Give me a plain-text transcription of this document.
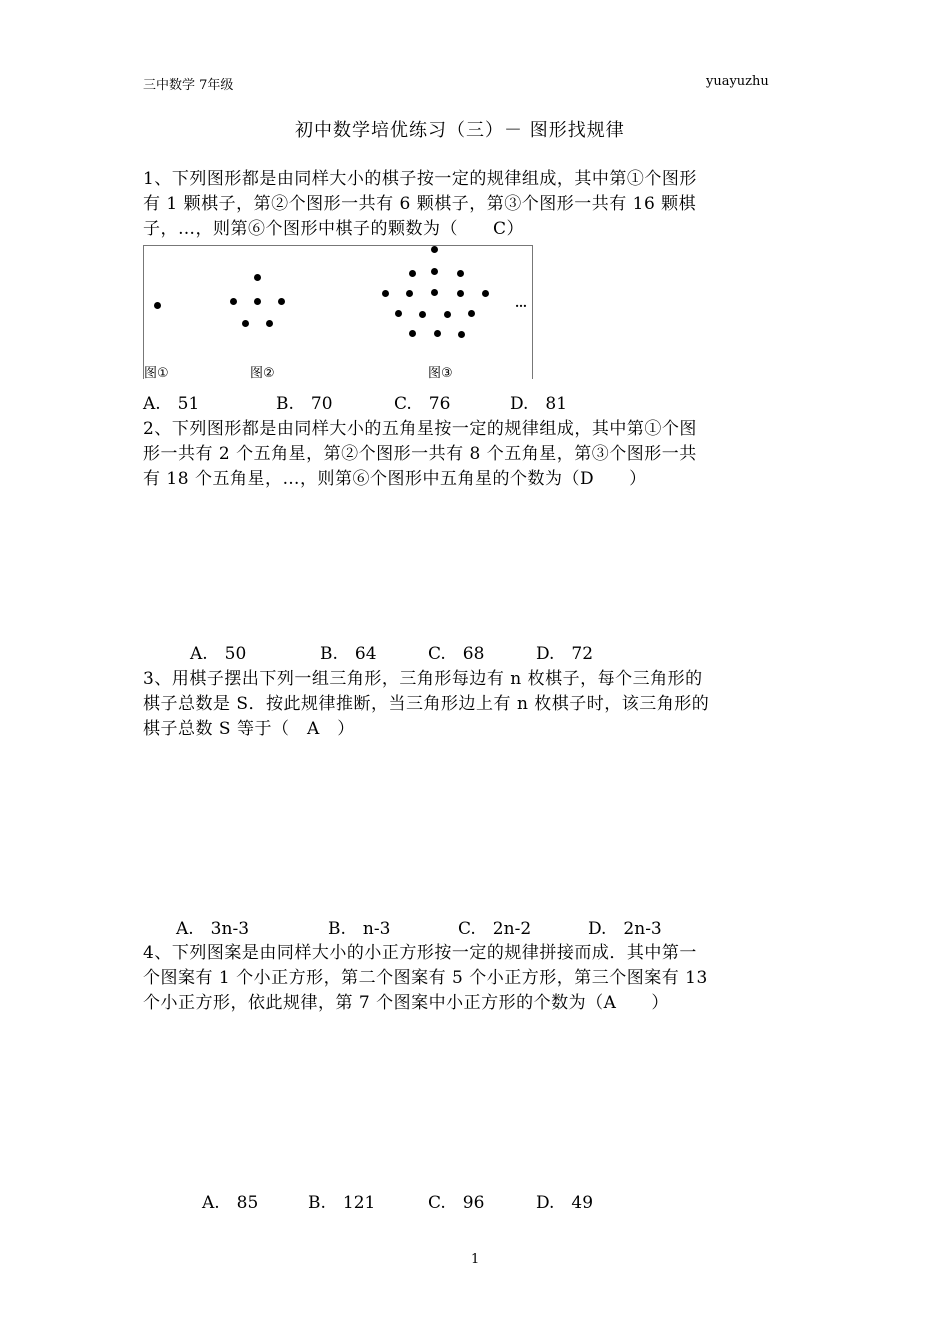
三中数学 7年级	yuayuzhu
初中数学培优练习（三）－ 图形找规律
1、下列图形都是由同样大小的棋子按一定的规律组成，其中第①个图形
有 1 颗棋子，第②个图形一共有 6 颗棋子，第③个图形一共有 16 颗棋
子，…，则第⑥个图形中棋子的颗数为（　　C）
…
图①	图②	图③
A.　51	B.　70	C.　76	D.　81
2、下列图形都是由同样大小的五角星按一定的规律组成，其中第①个图
形一共有 2 个五角星，第②个图形一共有 8 个五角星，第③个图形一共
有 18 个五角星，…，则第⑥个图形中五角星的个数为（D　　）
A.　50	B.　64	C.　68	D.　72
3、用棋子摆出下列一组三角形，三角形每边有 n 枚棋子，每个三角形的
棋子总数是 S．按此规律推断，当三角形边上有 n 枚棋子时，该三角形的
棋子总数 S 等于（　A　）
A.　3n-3	B.　n-3	C.　2n-2	D.　2n-3
4、下列图案是由同样大小的小正方形按一定的规律拼接而成．其中第一
个图案有 1 个小正方形，第二个图案有 5 个小正方形，第三个图案有 13
个小正方形，依此规律，第 7 个图案中小正方形的个数为（A　　）
A.　85	B.　121	C.　96	D.　49
1
